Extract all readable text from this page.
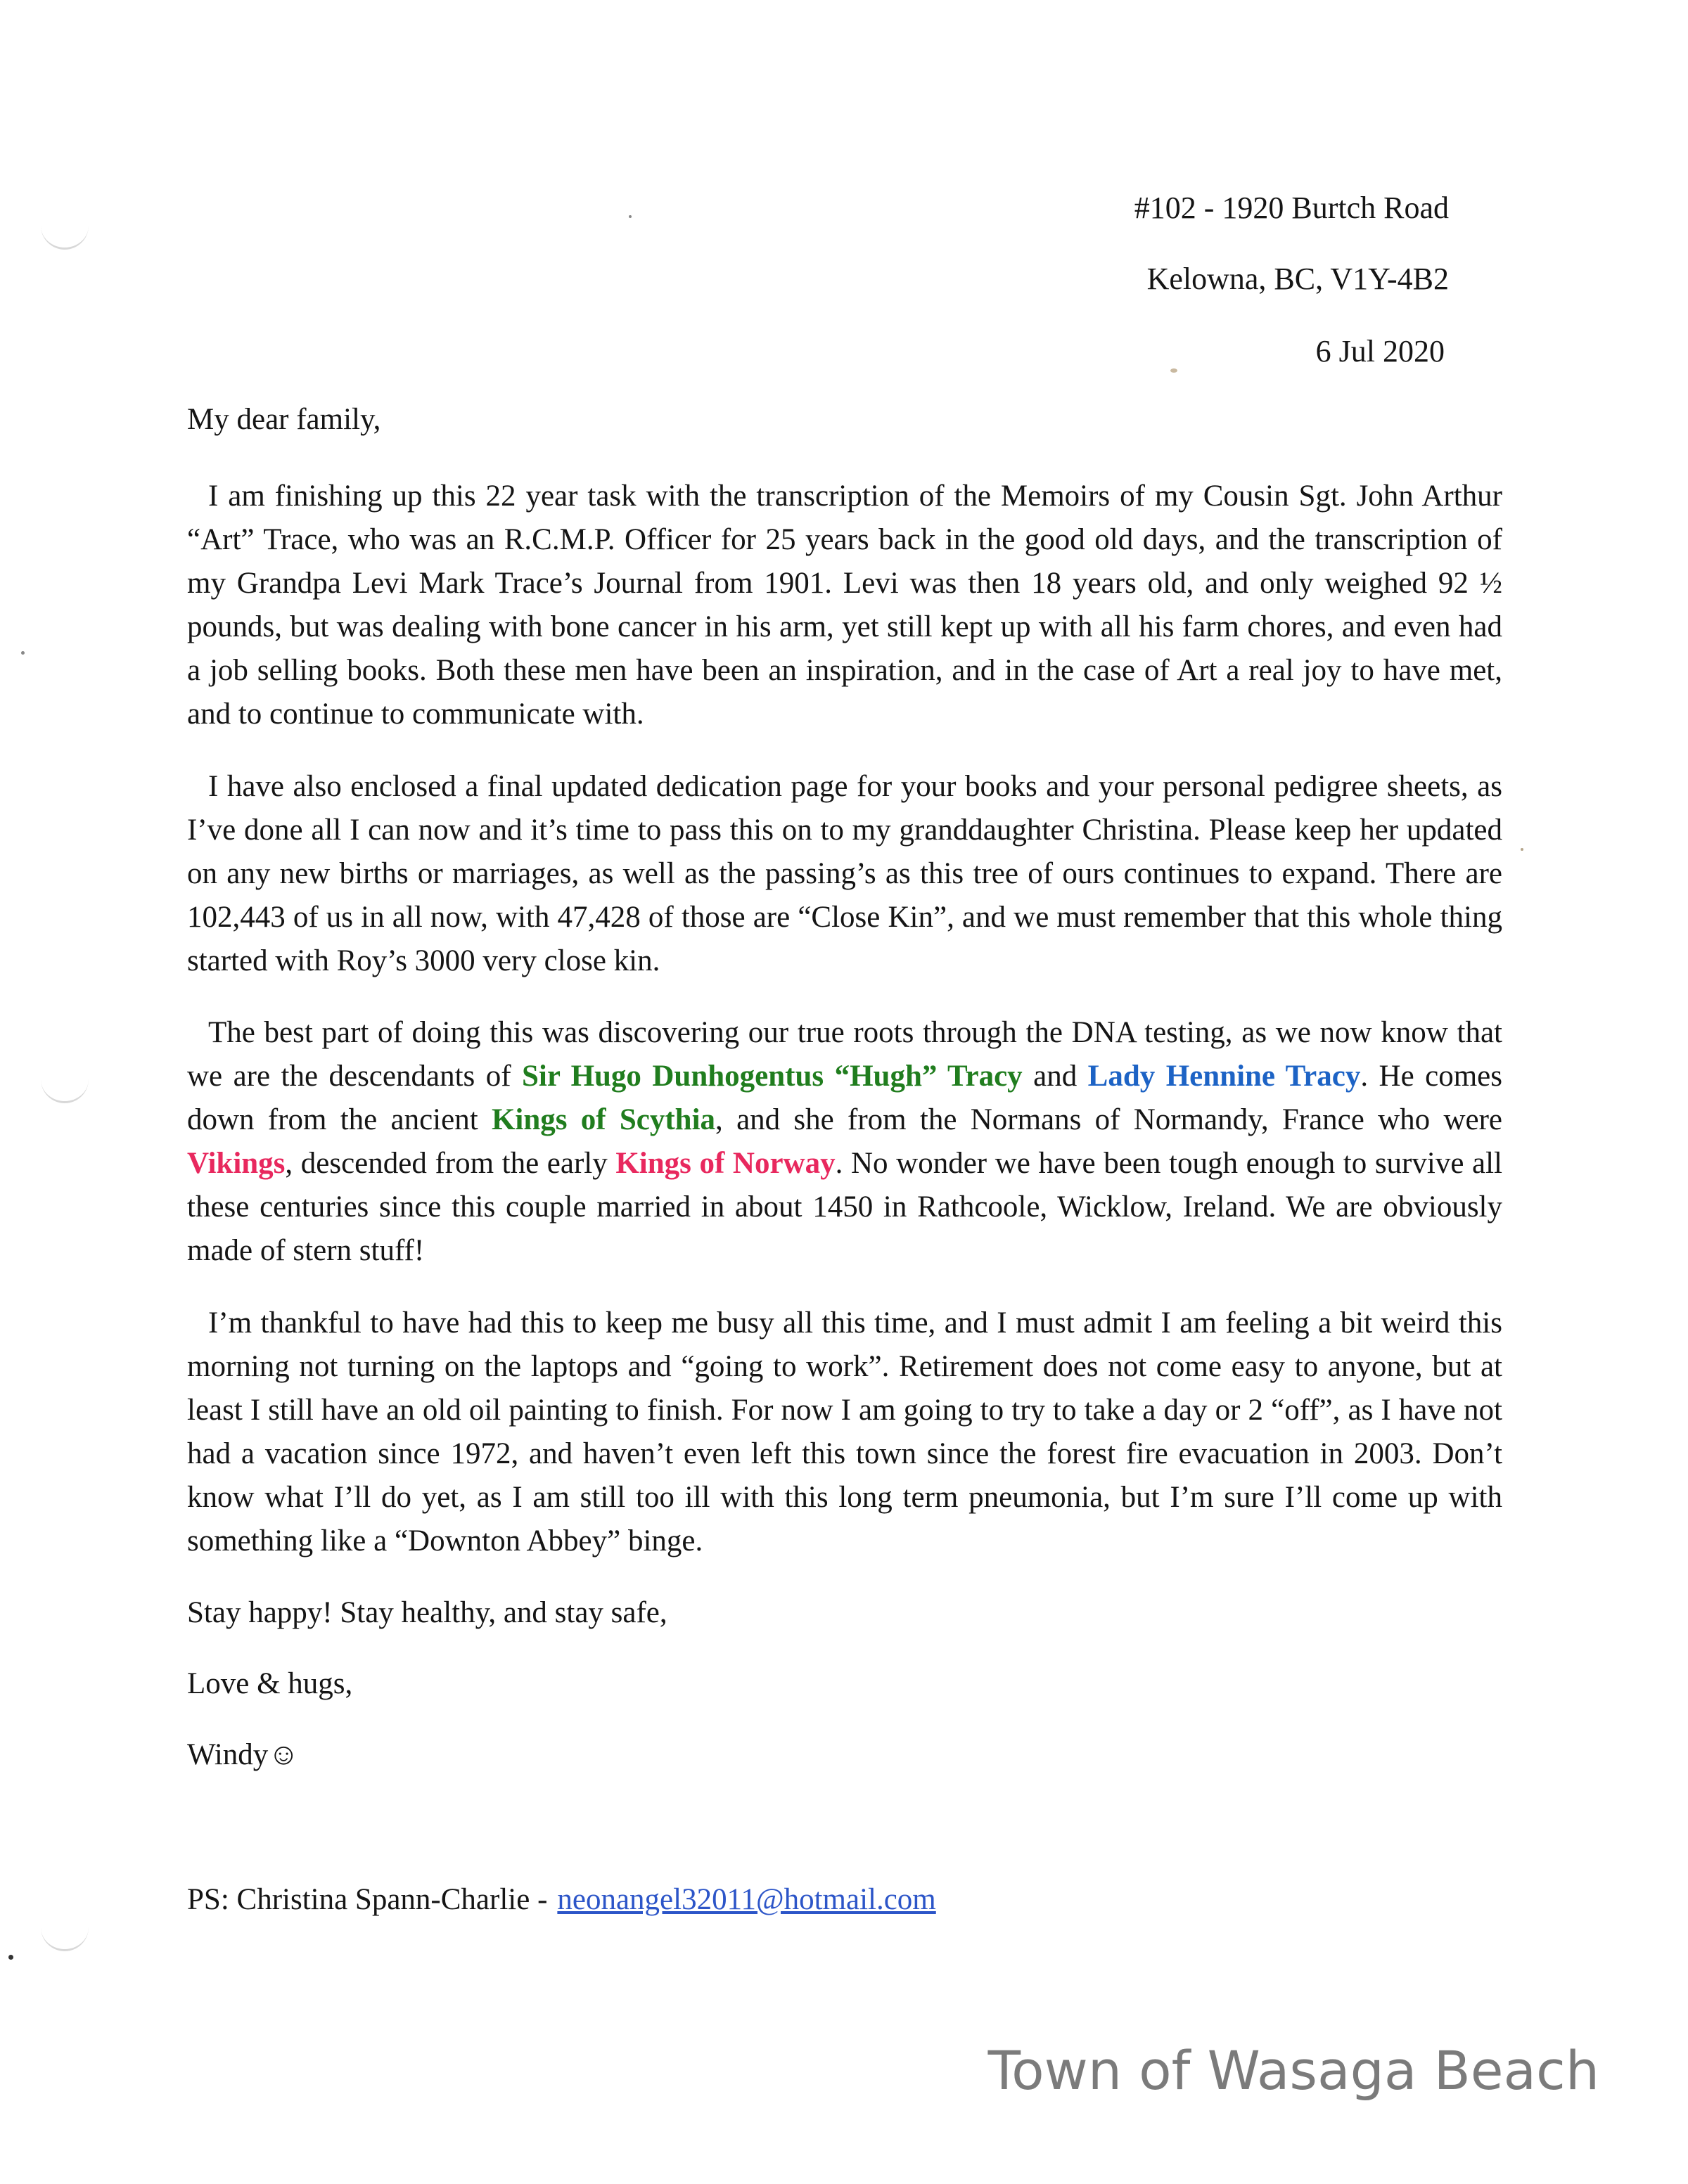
#102 - 1920 Burtch Road
Kelowna, BC, V1Y-4B2
6 Jul 2020
My dear family,

I am finishing up this 22 year task with the transcription of the Memoirs of my Cousin Sgt. John Arthur “Art” Trace, who was an R.C.M.P. Officer for 25 years back in the good old days, and the transcription of my Grandpa Levi Mark Trace’s Journal from 1901. Levi was then 18 years old, and only weighed 92 ½ pounds, but was dealing with bone cancer in his arm, yet still kept up with all his farm chores, and even had a job selling books. Both these men have been an inspiration, and in the case of Art a real joy to have met, and to continue to communicate with.

I have also enclosed a final updated dedication page for your books and your personal pedigree sheets, as I’ve done all I can now and it’s time to pass this on to my granddaughter Christina. Please keep her updated on any new births or marriages, as well as the passing’s as this tree of ours continues to expand. There are 102,443 of us in all now, with 47,428 of those are “Close Kin”, and we must remember that this whole thing started with Roy’s 3000 very close kin.

The best part of doing this was discovering our true roots through the DNA testing, as we now know that we are the descendants of Sir Hugo Dunhogentus “Hugh” Tracy and Lady Hennine Tracy. He comes down from the ancient Kings of Scythia, and she from the Normans of Normandy, France who were Vikings, descended from the early Kings of Norway. No wonder we have been tough enough to survive all these centuries since this couple married in about 1450 in Rathcoole, Wicklow, Ireland. We are obviously made of stern stuff!

I’m thankful to have had this to keep me busy all this time, and I must admit I am feeling a bit weird this morning not turning on the laptops and “going to work”. Retirement does not come easy to anyone, but at least I still have an old oil painting to finish. For now I am going to try to take a day or 2 “off”, as I have not had a vacation since 1972, and haven’t even left this town since the forest fire evacuation in 2003. Don’t know what I’ll do yet, as I am still too ill with this long term pneumonia, but I’m sure I’ll come up with something like a “Downton Abbey” binge.

Stay happy! Stay healthy, and stay safe,
Love & hugs,
Windy☺
PS: Christina Spann-Charlie - neonangel32011@hotmail.com
Town of Wasaga Beach
